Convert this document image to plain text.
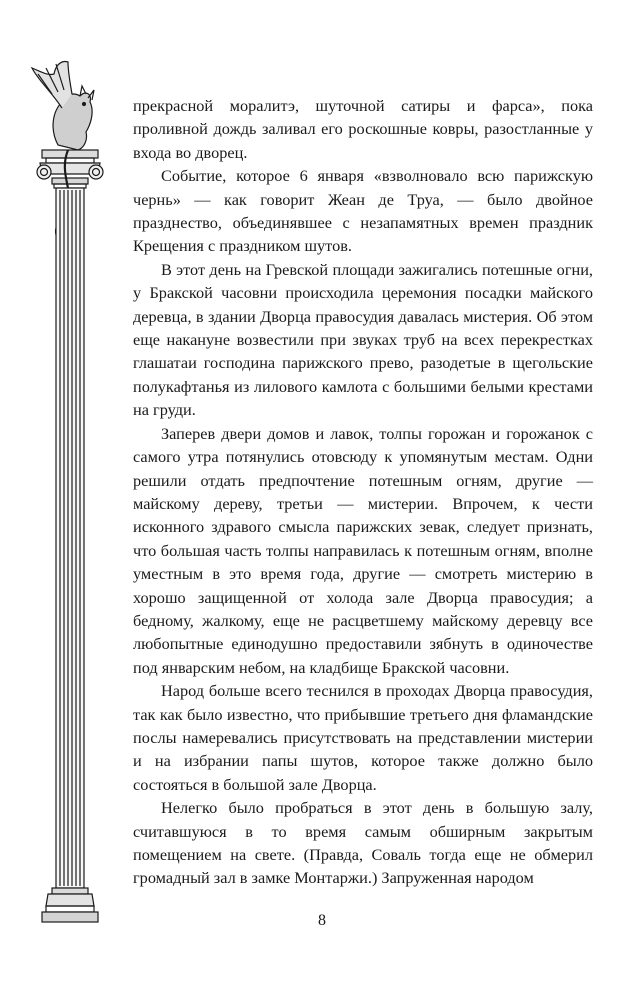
прекрасной моралитэ, шуточной сатиры и фарса», пока проливной дождь заливал его роскошные ковры, разостланные у входа во дворец.

Событие, которое 6 января «взволновало всю парижскую чернь» — как говорит Жеан де Труа, — было двойное празднество, объединявшее с незапамятных времен праздник Крещения с праздником шутов.

В этот день на Гревской площади зажигались потешные огни, у Бракской часовни происходила церемония посадки майского деревца, в здании Дворца правосудия давалась мистерия. Об этом еще накануне возвестили при звуках труб на всех перекрестках глашатаи господина парижского прево, разодетые в щегольские полукафтанья из лилового камлота с большими белыми крестами на груди.

Заперев двери домов и лавок, толпы горожан и горожанок с самого утра потянулись отовсюду к упомянутым местам. Одни решили отдать предпочтение потешным огням, другие — майскому дереву, третьи — мистерии. Впрочем, к чести исконного здравого смысла парижских зевак, следует признать, что большая часть толпы направилась к потешным огням, вполне уместным в это время года, другие — смотреть мистерию в хорошо защищенной от холода зале Дворца правосудия; а бедному, жалкому, еще не расцветшему майскому деревцу все любопытные единодушно предоставили зябнуть в одиночестве под январским небом, на кладбище Бракской часовни.

Народ больше всего теснился в проходах Дворца правосудия, так как было известно, что прибывшие третьего дня фламандские послы намеревались присутствовать на представлении мистерии и на избрании папы шутов, которое также должно было состояться в большой зале Дворца.

Нелегко было пробраться в этот день в большую залу, считавшуюся в то время самым обширным закрытым помещением на свете. (Правда, Соваль тогда еще не обмерил громадный зал в замке Монтаржи.) Запруженная народом

8
